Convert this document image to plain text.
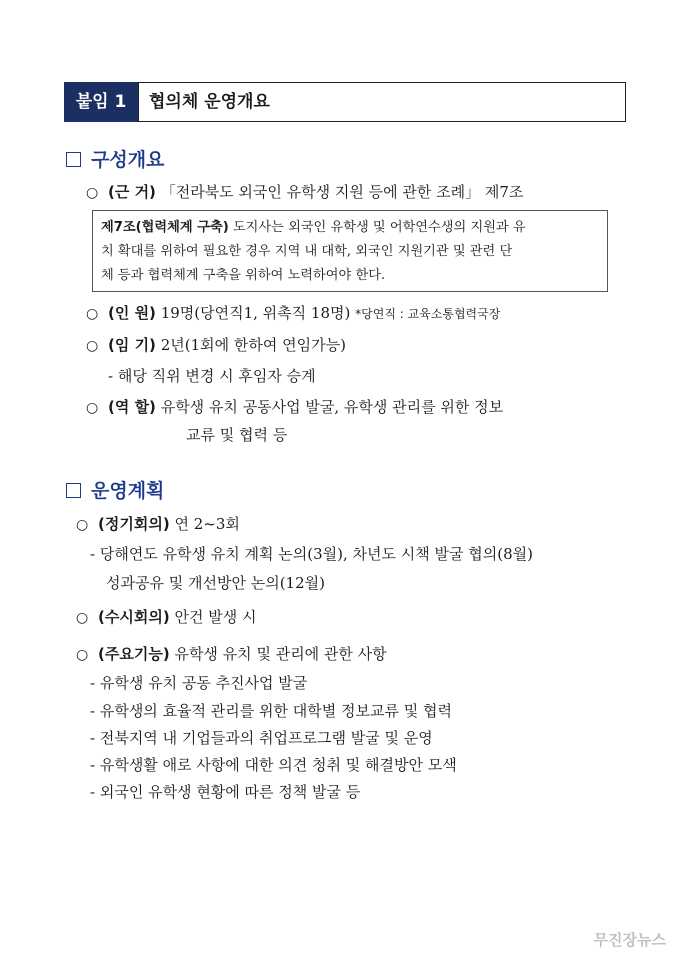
붙임 1	협의체 운영개요
구성개요
○ (근 거) 「전라북도 외국인 유학생 지원 등에 관한 조례」 제7조
제7조(협력체계 구축) 도지사는 외국인 유학생 및 어학연수생의 지원과 유
치 확대를 위하여 필요한 경우 지역 내 대학, 외국인 지원기관 및 관련 단
체 등과 협력체계 구축을 위하여 노력하여야 한다.
○ (인 원) 19명(당연직1, 위촉직 18명) *당연직 : 교육소통협력국장
○ (임 기) 2년(1회에 한하여 연임가능)
- 해당 직위 변경 시 후임자 승계
○ (역 할) 유학생 유치 공동사업 발굴, 유학생 관리를 위한 정보
교류 및 협력 등
운영계획
○ (정기회의) 연 2~3회
- 당해연도 유학생 유치 계획 논의(3월), 차년도 시책 발굴 협의(8월)
성과공유 및 개선방안 논의(12월)
○ (수시회의) 안건 발생 시
○ (주요기능) 유학생 유치 및 관리에 관한 사항
- 유학생 유치 공동 추진사업 발굴
- 유학생의 효율적 관리를 위한 대학별 정보교류 및 협력
- 전북지역 내 기업들과의 취업프로그램 발굴 및 운영
- 유학생활 애로 사항에 대한 의견 청취 및 해결방안 모색
- 외국인 유학생 현황에 따른 정책 발굴 등
무진장뉴스
